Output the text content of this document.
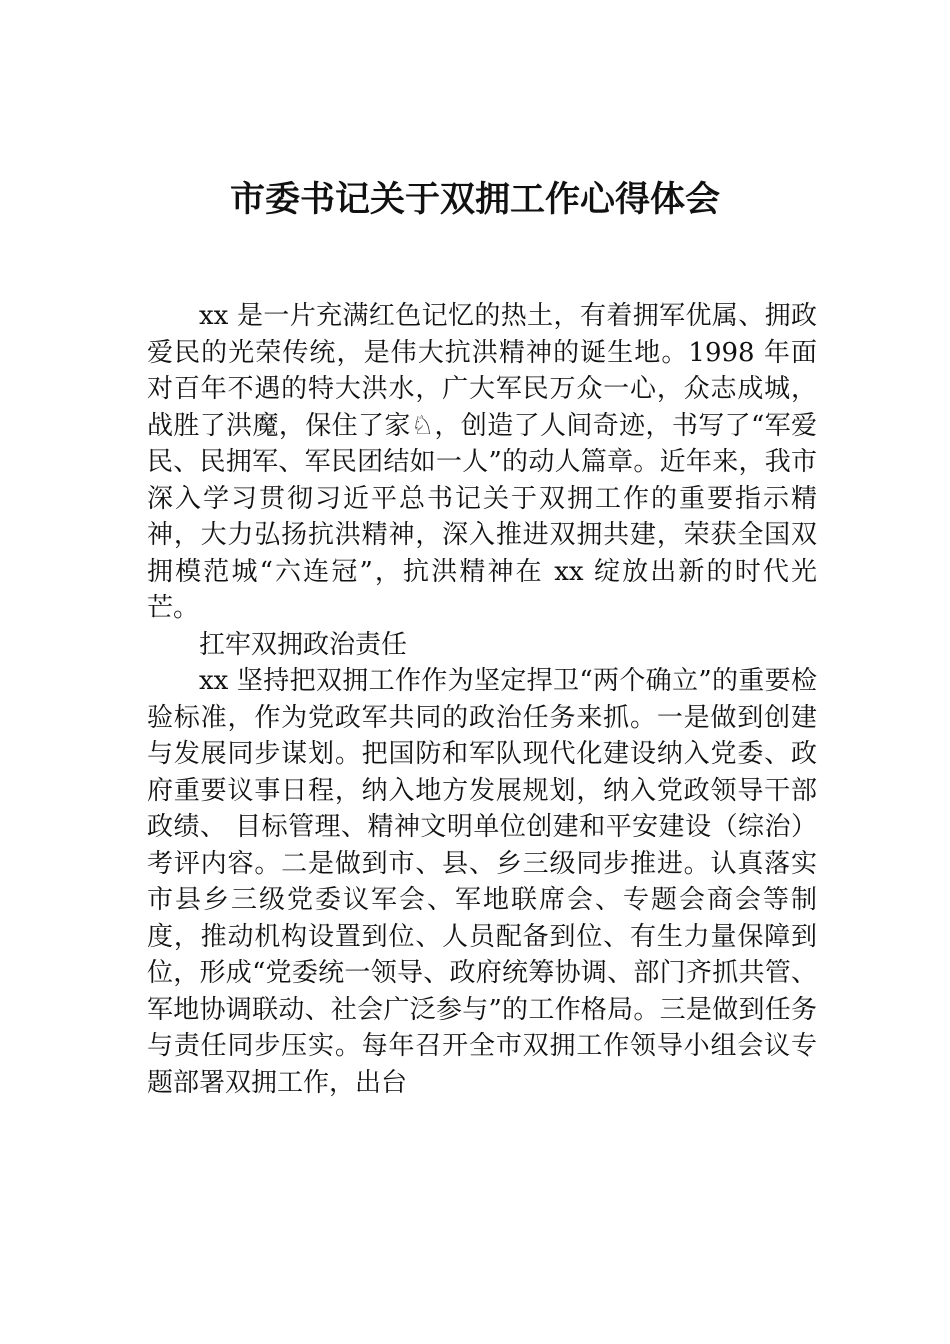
市委书记关于双拥工作心得体会

xx 是一片充满红色记忆的热土，有着拥军优属、拥政爱民的光荣传统，是伟大抗洪精神的诞生地。1998 年面对百年不遇的特大洪水，广大军民万众一心，众志成城，战胜了洪魔，保住了家♘，创造了人间奇迹，书写了“军爱民、民拥军、军民团结如一人”的动人篇章。近年来，我市深入学习贯彻习近平总书记关于双拥工作的重要指示精神，大力弘扬抗洪精神，深入推进双拥共建，荣获全国双拥模范城“六连冠”，抗洪精神在 xx 绽放出新的时代光芒。

扛牢双拥政治责任

xx 坚持把双拥工作作为坚定捍卫“两个确立”的重要检验标准，作为党政军共同的政治任务来抓。一是做到创建与发展同步谋划。把国防和军队现代化建设纳入党委、政府重要议事日程，纳入地方发展规划，纳入党政领导干部政绩、 目标管理、精神文明单位创建和平安建设（综治）考评内容。二是做到市、县、乡三级同步推进。认真落实市县乡三级党委议军会、军地联席会、专题会商会等制度，推动机构设置到位、人员配备到位、有生力量保障到位，形成“党委统一领导、政府统筹协调、部门齐抓共管、军地协调联动、社会广泛参与”的工作格局。三是做到任务与责任同步压实。每年召开全市双拥工作领导小组会议专题部署双拥工作，出台
